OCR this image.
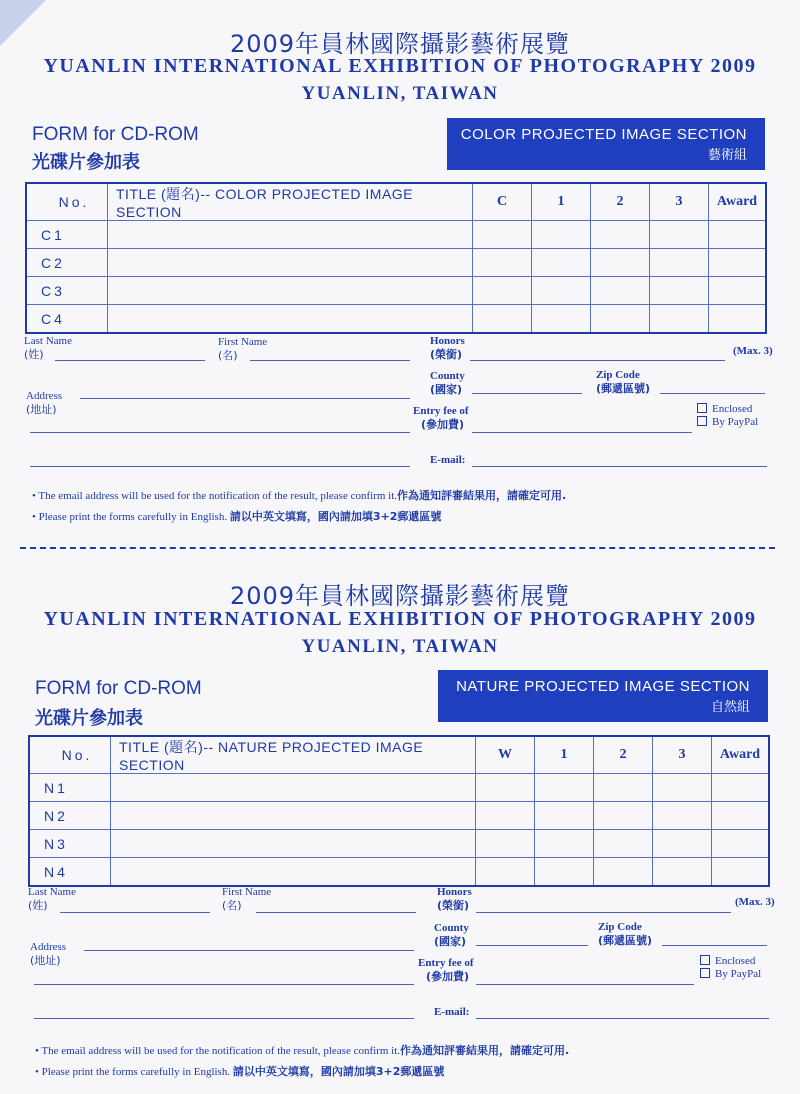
2009年員林國際攝影藝術展覽
YUANLIN INTERNATIONAL EXHIBITION OF PHOTOGRAPHY 2009
YUANLIN, TAIWAN
FORM for CD-ROM
光碟片參加表
COLOR PROJECTED IMAGE SECTION
藝術組
No.	TITLE (題名)-- COLOR PROJECTED IMAGE SECTION	C	1	2	3	Award
C1						
C2						
C3						
C4						
Last Name
(姓)
First Name
(名)
Honors
(榮銜)	(Max. 3)
Address
(地址)
County
(國家)
Zip Code
(郵遞區號)
Entry fee of
(參加費)
Enclosed
By PayPal
E-mail:
• The email address will be used for the notification of the result, please confirm it.作為通知評審結果用，請確定可用.
• Please print the forms carefully in English. 請以中英文填寫，國內請加填3+2郵遞區號
2009年員林國際攝影藝術展覽
YUANLIN INTERNATIONAL EXHIBITION OF PHOTOGRAPHY 2009
YUANLIN, TAIWAN
FORM for CD-ROM
光碟片參加表
NATURE PROJECTED IMAGE SECTION
自然組
No.	TITLE (題名)-- NATURE PROJECTED IMAGE SECTION	W	1	2	3	Award
N1						
N2						
N3						
N4						
Last Name
(姓)
First Name
(名)
Honors
(榮銜)	(Max. 3)
Address
(地址)
County
(國家)
Zip Code
(郵遞區號)
Entry fee of
(參加費)
Enclosed
By PayPal
E-mail:
• The email address will be used for the notification of the result, please confirm it.作為通知評審結果用，請確定可用.
• Please print the forms carefully in English. 請以中英文填寫，國內請加填3+2郵遞區號
